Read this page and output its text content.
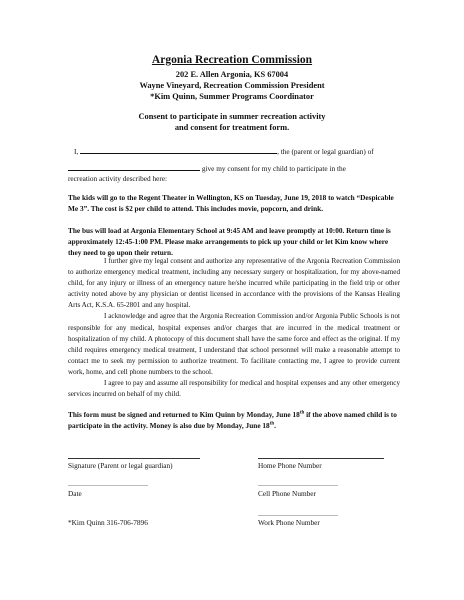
Argonia Recreation Commission
202 E. Allen Argonia, KS 67004
Wayne Vineyard, Recreation Commission President
*Kim Quinn, Summer Programs Coordinator
Consent to participate in summer recreation activity
and consent for treatment form.
I,	, the (parent or legal guardian) of
give my consent for my child to participate in the
recreation activity described here:
The kids will go to the Regent Theater in Wellington, KS on Tuesday, June 19, 2018 to watch “Despicable Me 3”. The cost is $2 per child to attend. This includes movie, popcorn, and drink.
The bus will load at Argonia Elementary School at 9:45 AM and leave promptly at 10:00. Return time is approximately 12:45-1:00 PM. Please make arrangements to pick up your child or let Kim know where they need to go upon their return.

I further give my legal consent and authorize any representative of the Argonia Recreation Commission to authorize emergency medical treatment, including any necessary surgery or hospitalization, for my above-named child, for any injury or illness of an emergency nature he/she incurred while participating in the field trip or other activity noted above by any physician or dentist licensed in accordance with the provisions of the Kansas Healing Arts Act, K.S.A. 65-2801 and any hospital.

I acknowledge and agree that the Argonia Recreation Commission and/or Argonia Public Schools is not responsible for any medical, hospital expenses and/or charges that are incurred in the medical treatment or hospitalization of my child. A photocopy of this document shall have the same force and effect as the original. If my child requires emergency medical treatment, I understand that school personnel will make a reasonable attempt to contact me to seek my permission to authorize treatment. To facilitate contacting me, I agree to provide current work, home, and cell phone numbers to the school.

I agree to pay and assume all responsibility for medical and hospital expenses and any other emergency services incurred on behalf of my child.

This form must be signed and returned to Kim Quinn by Monday, June 18th if the above named child is to participate in the activity. Money is also due by Monday, June 18th.
Signature (Parent or legal guardian)	Home Phone Number
Date	Cell Phone Number
*Kim Quinn 316-706-7896	Work Phone Number
